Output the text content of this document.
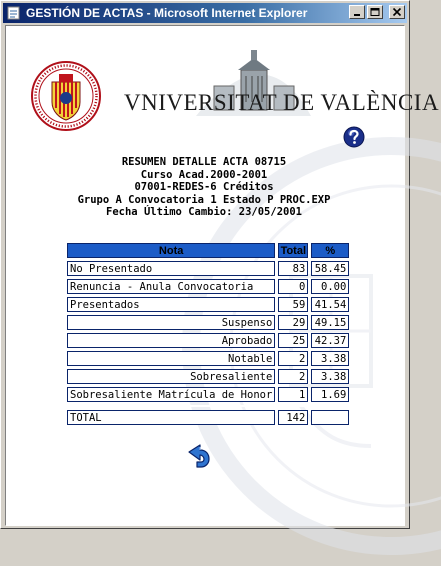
GESTIÓN DE ACTAS - Microsoft Internet Explorer
VNIVERSITAT DE VALÈNCIA
RESUMEN DETALLE ACTA 08715
Curso Acad.2000-2001
07001-REDES-6 Créditos
Grupo A Convocatoria 1 Estado P PROC.EXP
Fecha Último Cambio: 23/05/2001
Nota	Total	%
No Presentado	83	58.45
Renuncia - Anula Convocatoria	0	0.00
Presentados	59	41.54
Suspenso	29	49.15
Aprobado	25	42.37
Notable	2	3.38
Sobresaliente	2	3.38
Sobresaliente Matrícula de Honor	1	1.69

TOTAL	142	
